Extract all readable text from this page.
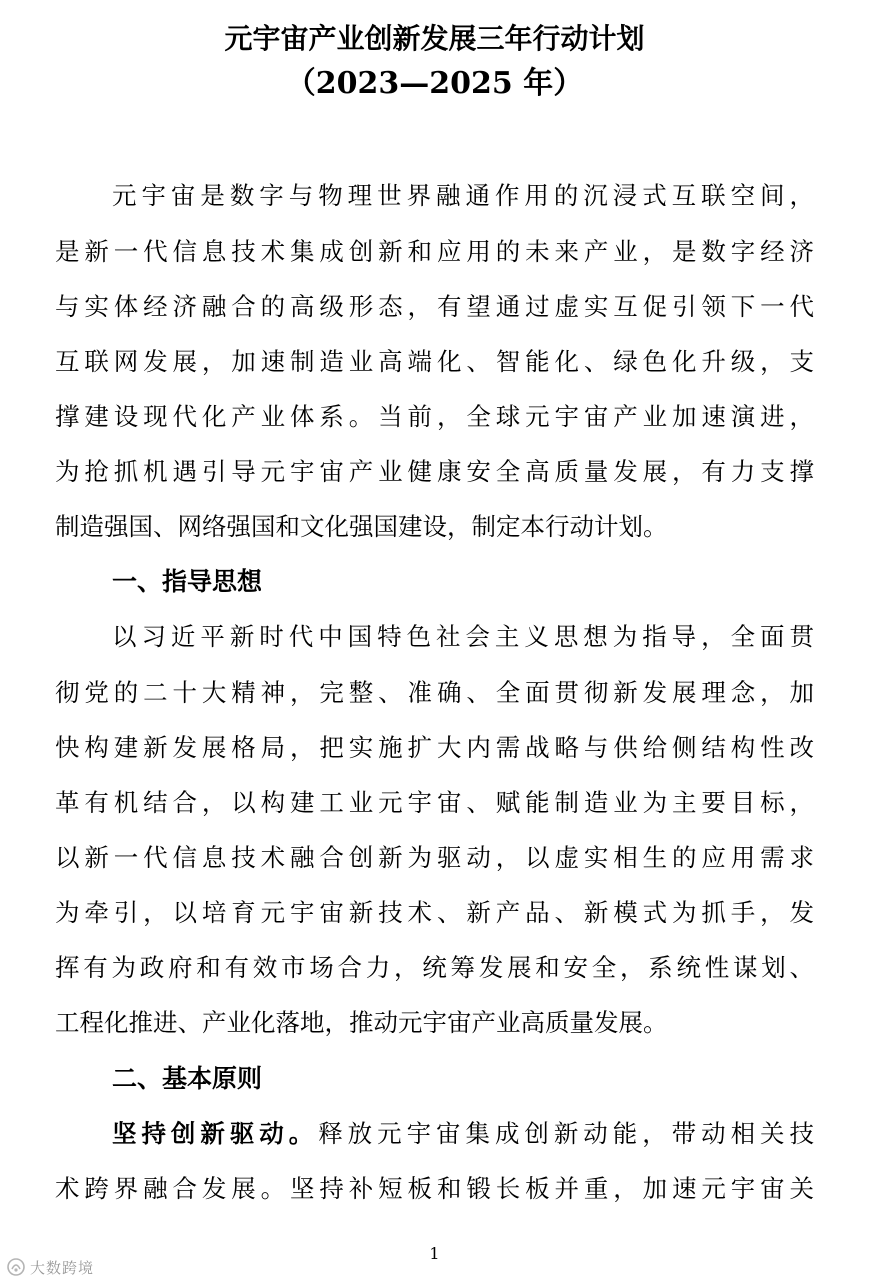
元宇宙产业创新发展三年行动计划
（2023—2025 年）
元宇宙是数字与物理世界融通作用的沉浸式互联空间，
是新一代信息技术集成创新和应用的未来产业，是数字经济
与实体经济融合的高级形态，有望通过虚实互促引领下一代
互联网发展，加速制造业高端化、智能化、绿色化升级，支
撑建设现代化产业体系。当前，全球元宇宙产业加速演进，
为抢抓机遇引导元宇宙产业健康安全高质量发展，有力支撑
制造强国、网络强国和文化强国建设，制定本行动计划。
一、指导思想
以习近平新时代中国特色社会主义思想为指导，全面贯
彻党的二十大精神，完整、准确、全面贯彻新发展理念，加
快构建新发展格局，把实施扩大内需战略与供给侧结构性改
革有机结合，以构建工业元宇宙、赋能制造业为主要目标，
以新一代信息技术融合创新为驱动，以虚实相生的应用需求
为牵引，以培育元宇宙新技术、新产品、新模式为抓手，发
挥有为政府和有效市场合力，统筹发展和安全，系统性谋划、
工程化推进、产业化落地，推动元宇宙产业高质量发展。
二、基本原则
坚持创新驱动。释放元宇宙集成创新动能，带动相关技
术跨界融合发展。坚持补短板和锻长板并重，加速元宇宙关
1
大数跨境
